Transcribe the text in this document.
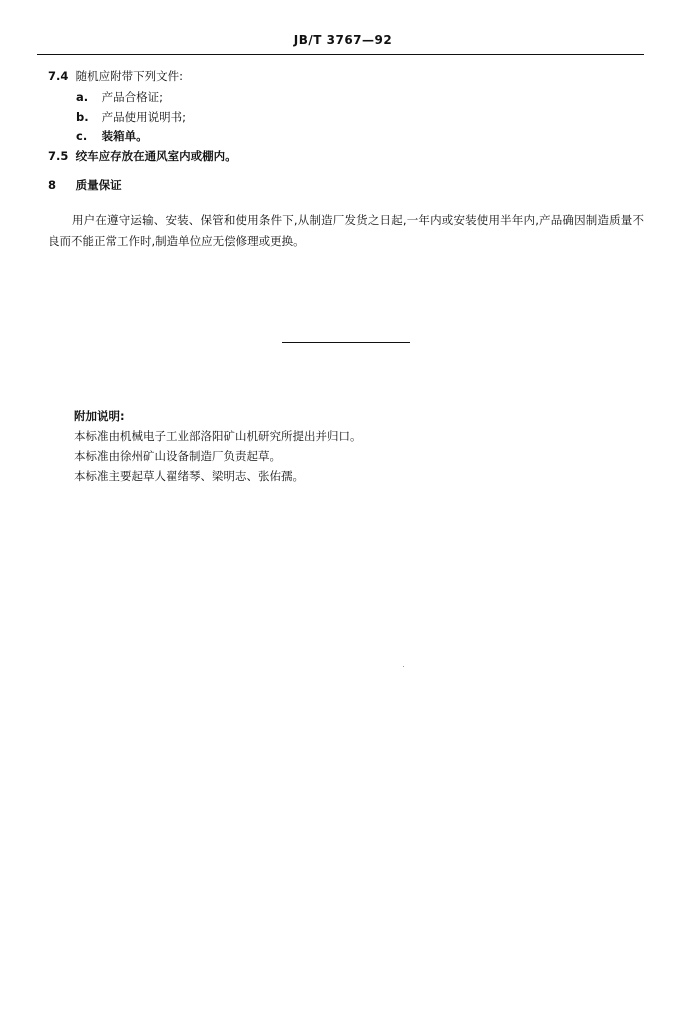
JB/T 3767—92
7.4 随机应附带下列文件:
a. 产品合格证;
b. 产品使用说明书;
c. 装箱单。
7.5 绞车应存放在通风室内或棚内。
8 质量保证
用户在遵守运输、安装、保管和使用条件下,从制造厂发货之日起,一年内或安装使用半年内,产品确因制造质量不良而不能正常工作时,制造单位应无偿修理或更换。
附加说明:
本标准由机械电子工业部洛阳矿山机研究所提出并归口。
本标准由徐州矿山设备制造厂负责起草。
本标准主要起草人翟绪琴、梁明志、张佑孺。
